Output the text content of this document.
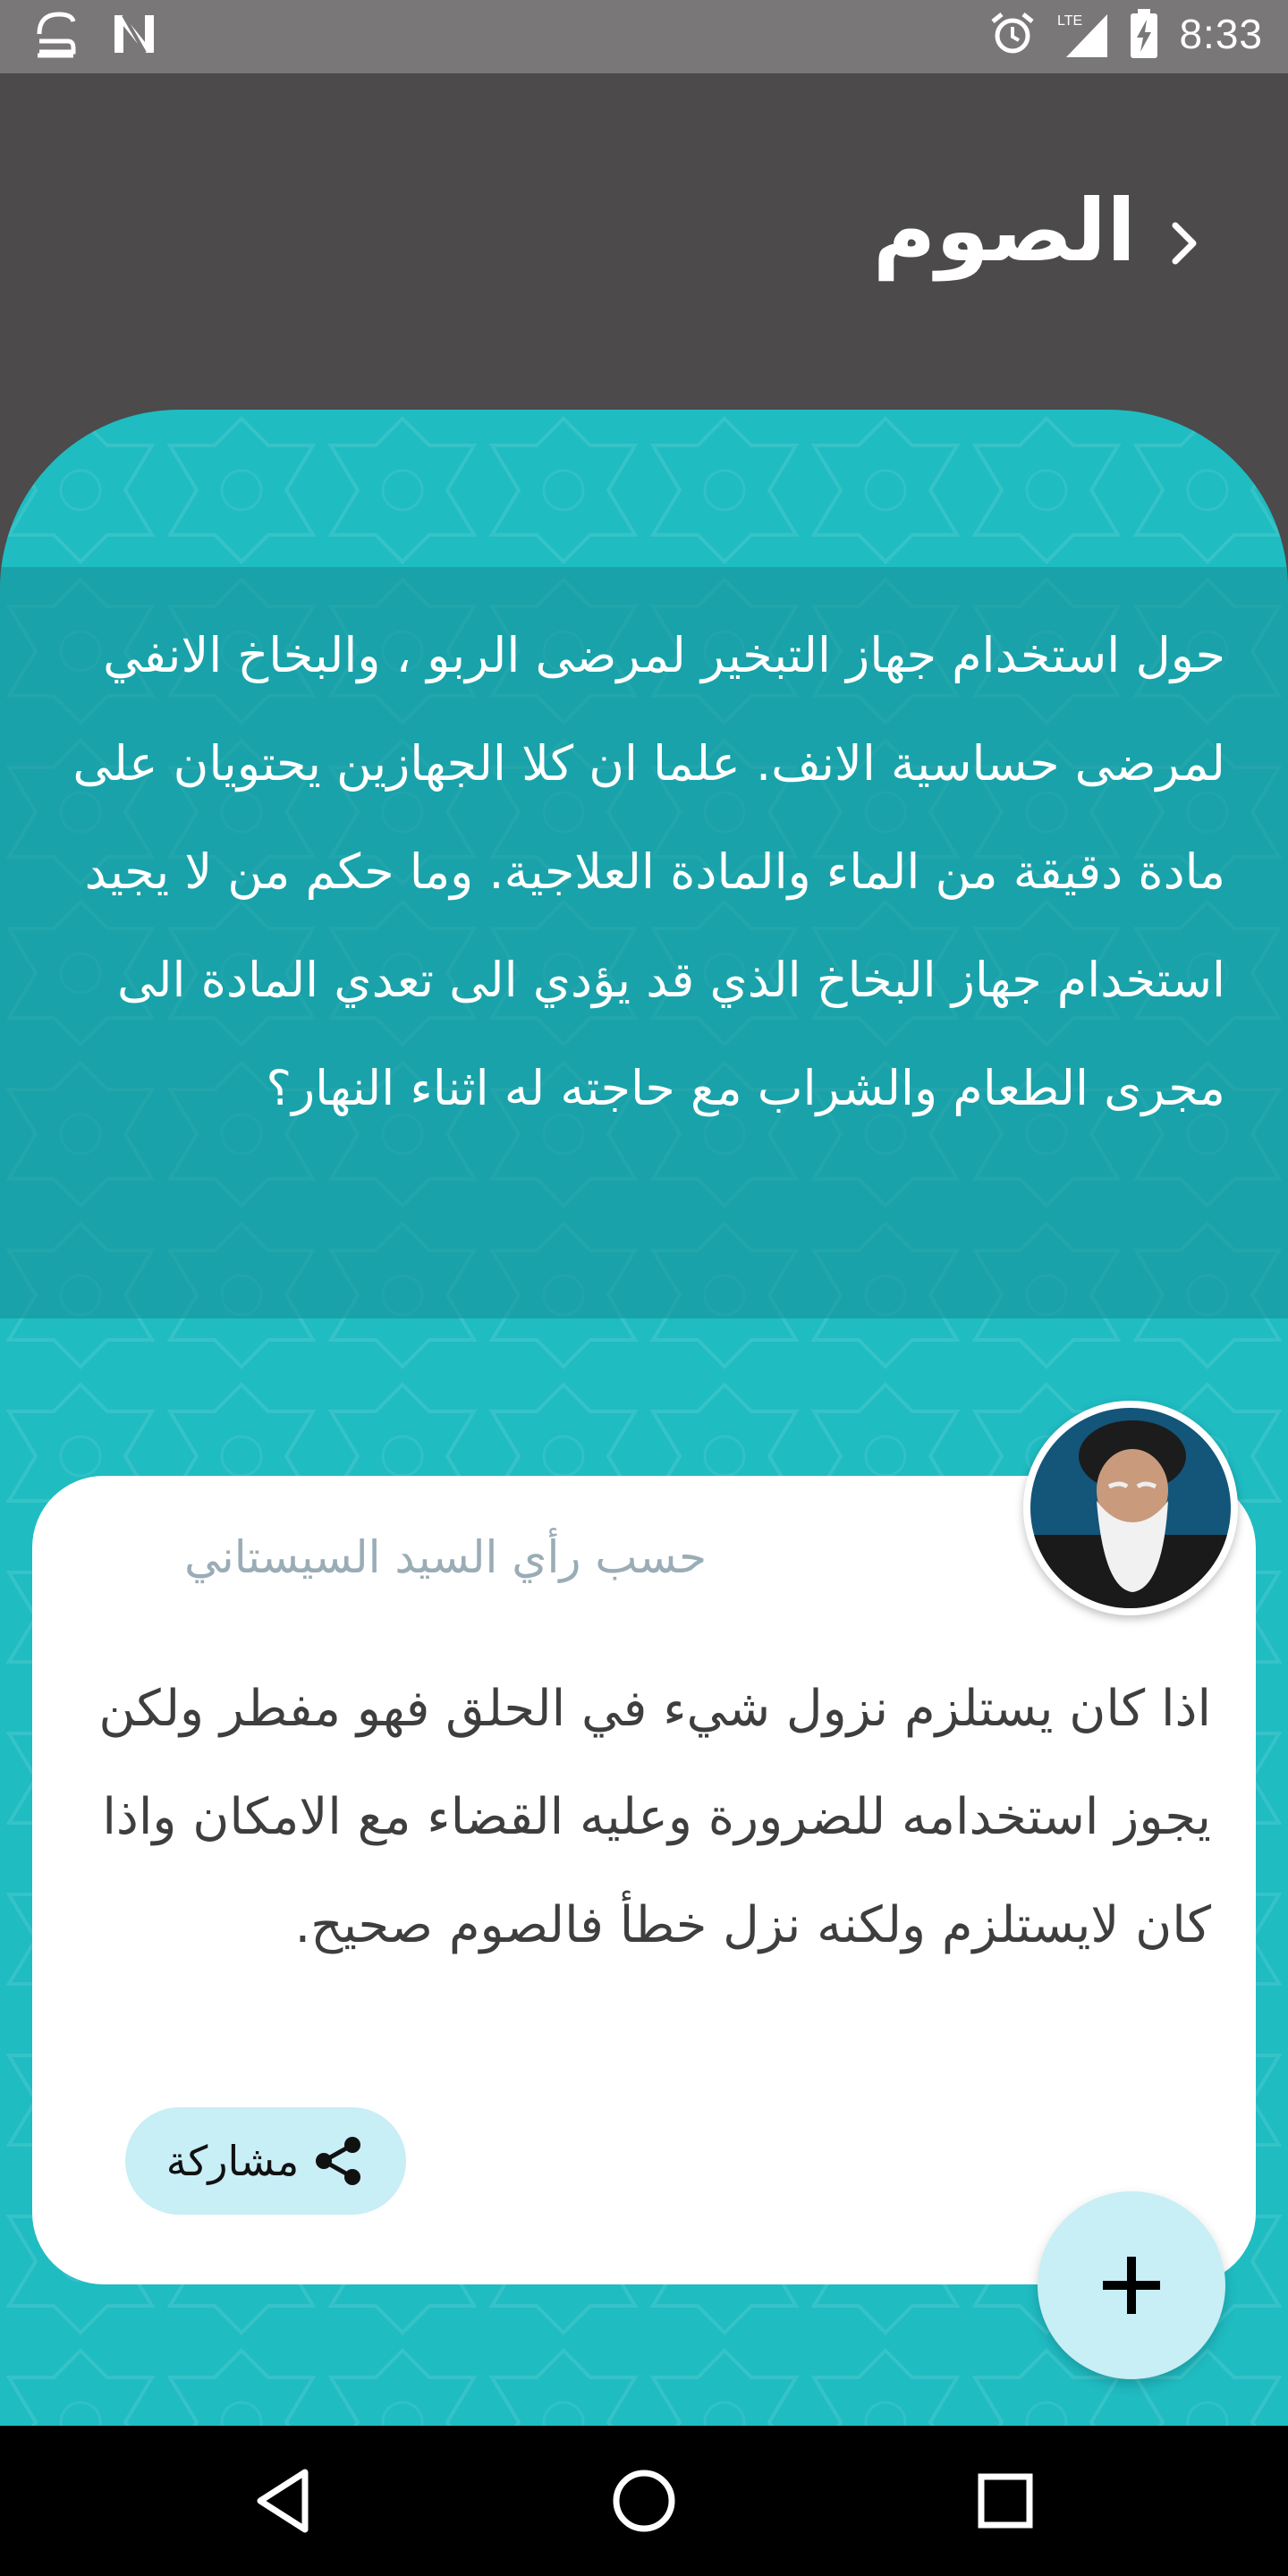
LTE 8:33
الصوم

حول استخدام جهاز التبخير لمرضى الربو ، والبخاخ الانفي لمرضى حساسية الانف. علما ان كلا الجهازين يحتويان على مادة دقيقة من الماء والمادة العلاجية. وما حكم من لا يجيد استخدام جهاز البخاخ الذي قد يؤدي الى تعدي المادة الى مجرى الطعام والشراب مع حاجته له اثناء النهار؟

حسب رأي السيد السيستاني

اذا كان يستلزم نزول شيء في الحلق فهو مفطر ولكن يجوز استخدامه للضرورة وعليه القضاء مع الامكان واذا كان لايستلزم ولكنه نزل خطأ فالصوم صحيح.

مشاركة
